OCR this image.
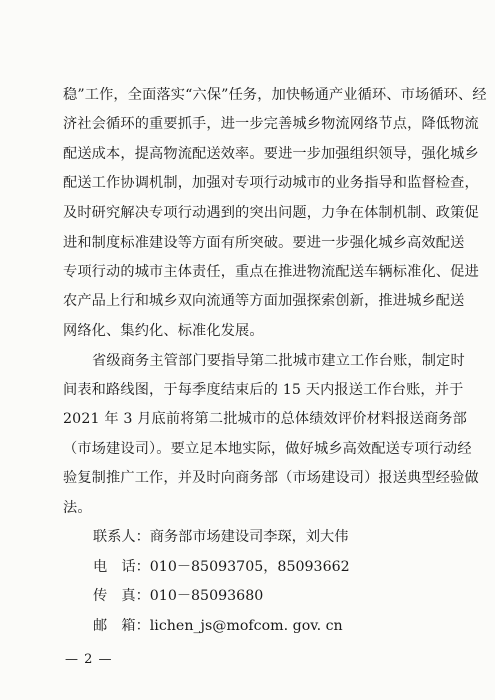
稳”工作，全面落实“六保”任务，加快畅通产业循环、市场循环、经
济社会循环的重要抓手，进一步完善城乡物流网络节点，降低物流
配送成本，提高物流配送效率。要进一步加强组织领导，强化城乡
配送工作协调机制，加强对专项行动城市的业务指导和监督检查，
及时研究解决专项行动遇到的突出问题，力争在体制机制、政策促
进和制度标准建设等方面有所突破。要进一步强化城乡高效配送
专项行动的城市主体责任，重点在推进物流配送车辆标准化、促进
农产品上行和城乡双向流通等方面加强探索创新，推进城乡配送
网络化、集约化、标准化发展。
省级商务主管部门要指导第二批城市建立工作台账，制定时
间表和路线图，于每季度结束后的 15 天内报送工作台账，并于
2021 年 3 月底前将第二批城市的总体绩效评价材料报送商务部
（市场建设司）。要立足本地实际，做好城乡高效配送专项行动经
验复制推广工作，并及时向商务部（市场建设司）报送典型经验做
法。
联系人：商务部市场建设司李琛，刘大伟
电　话：010－85093705，85093662
传　真：010－85093680
邮　箱：lichen_js@mofcom. gov. cn
— 2 —
